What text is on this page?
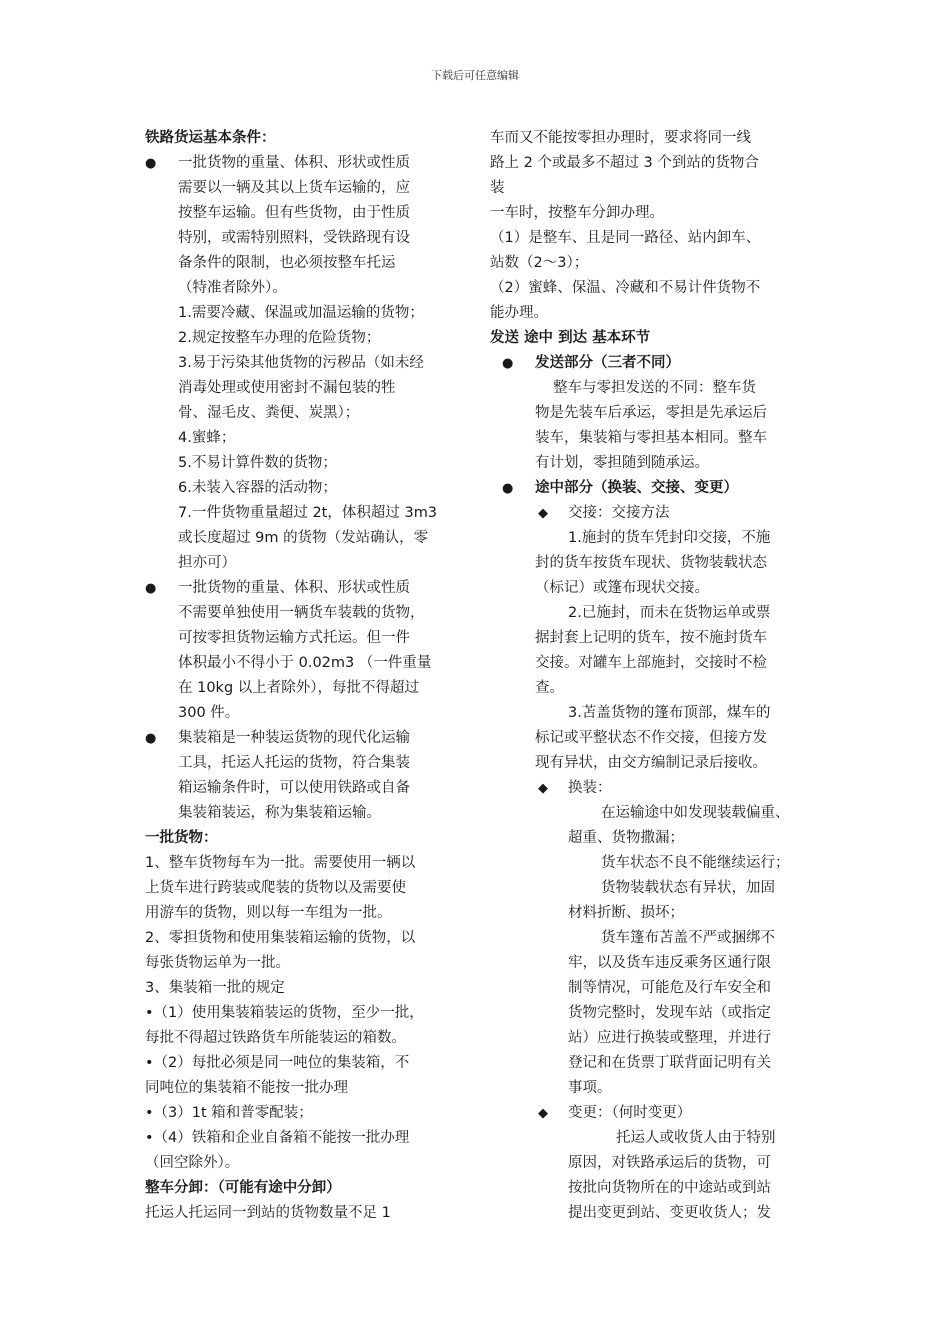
下载后可任意编辑

铁路货运基本条件：

● 一批货物的重量、体积、形状或性质

需要以一辆及其以上货车运输的，应

按整车运输。但有些货物，由于性质

特别，或需特别照料，受铁路现有设

备条件的限制，也必须按整车托运

（特准者除外）。

1.需要冷藏、保温或加温运输的货物；

2.规定按整车办理的危险货物；

3.易于污染其他货物的污秽品（如未经

消毒处理或使用密封不漏包装的牲

骨、湿毛皮、粪便、炭黑）；

4.蜜蜂；

5.不易计算件数的货物；

6.未装入容器的活动物；

7.一件货物重量超过 2t，体积超过 3m3

或长度超过 9m 的货物（发站确认，零

担亦可）

● 一批货物的重量、体积、形状或性质

不需要单独使用一辆货车装载的货物，

可按零担货物运输方式托运。但一件

体积最小不得小于 0.02m3 （一件重量

在 10kg 以上者除外），每批不得超过

300 件。

● 集装箱是一种装运货物的现代化运输

工具，托运人托运的货物，符合集装

箱运输条件时，可以使用铁路或自备

集装箱装运，称为集装箱运输。

一批货物：

1、整车货物每车为一批。需要使用一辆以

上货车进行跨装或爬装的货物以及需要使

用游车的货物，则以每一车组为一批。

2、零担货物和使用集装箱运输的货物，以

每张货物运单为一批。

3、集装箱一批的规定

•（1）使用集装箱装运的货物，至少一批，

每批不得超过铁路货车所能装运的箱数。

•（2）每批必须是同一吨位的集装箱，不

同吨位的集装箱不能按一批办理

•（3）1t 箱和普零配装；

•（4）铁箱和企业自备箱不能按一批办理

（回空除外）。

整车分卸：（可能有途中分卸）

托运人托运同一到站的货物数量不足 1

车而又不能按零担办理时，要求将同一线

路上 2 个或最多不超过 3 个到站的货物合

装

一车时，按整车分卸办理。

（1）是整车、且是同一路径、站内卸车、

站数（2～3）；

（2）蜜蜂、保温、冷藏和不易计件货物不

能办理。

发送 途中 到达 基本环节

●	发送部分（三者不同）

整车与零担发送的不同：整车货

物是先装车后承运，零担是先承运后

装车，集装箱与零担基本相同。整车

有计划，零担随到随承运。

●	途中部分（换装、交接、变更）

◆ 交接：交接方法

1.施封的货车凭封印交接，不施

封的货车按货车现状、货物装载状态

（标记）或篷布现状交接。

2.已施封，而未在货物运单或票

据封套上记明的货车，按不施封货车

交接。对罐车上部施封，交接时不检

查。

3.苫盖货物的篷布顶部，煤车的

标记或平整状态不作交接，但接方发

现有异状，由交方编制记录后接收。

◆ 换装：

在运输途中如发现装载偏重、

超重、货物撒漏；

货车状态不良不能继续运行；

货物装载状态有异状，加固

材料折断、损坏；

货车篷布苫盖不严或捆绑不

牢，以及货车违反乘务区通行限

制等情况，可能危及行车安全和

货物完整时，发现车站（或指定

站）应进行换装或整理，并进行

登记和在货票丁联背面记明有关

事项。

◆ 变更：（何时变更）

托运人或收货人由于特别

原因，对铁路承运后的货物，可

按批向货物所在的中途站或到站

提出变更到站、变更收货人；发
